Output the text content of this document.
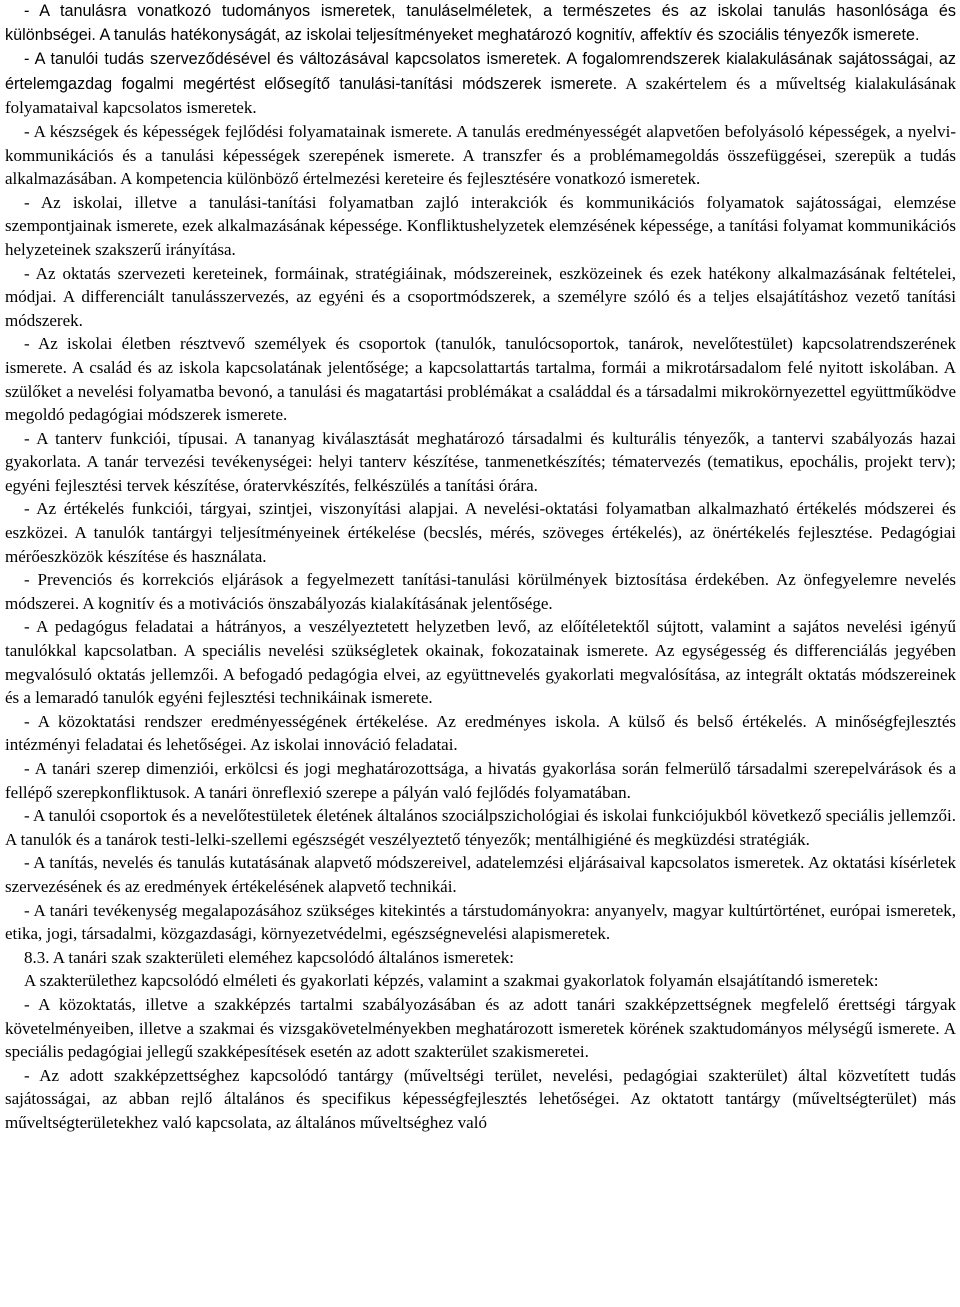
- A tanulásra vonatkozó tudományos ismeretek, tanuláselméletek, a természetes és az iskolai tanulás hasonlósága és különbségei. A tanulás hatékonyságát, az iskolai teljesítményeket meghatározó kognitív, affektív és szociális tényezők ismerete.

- A tanulói tudás szerveződésével és változásával kapcsolatos ismeretek. A fogalomrendszerek kialakulásának sajátosságai, az értelemgazdag fogalmi megértést elősegítő tanulási-tanítási módszerek ismerete. A szakértelem és a műveltség kialakulásának folyamataival kapcsolatos ismeretek.

- A készségek és képességek fejlődési folyamatainak ismerete. A tanulás eredményességét alapvetően befolyásoló képességek, a nyelvi-kommunikációs és a tanulási képességek szerepének ismerete. A transzfer és a problémamegoldás összefüggései, szerepük a tudás alkalmazásában. A kompetencia különböző értelmezési kereteire és fejlesztésére vonatkozó ismeretek.

- Az iskolai, illetve a tanulási-tanítási folyamatban zajló interakciók és kommunikációs folyamatok sajátosságai, elemzése szempontjainak ismerete, ezek alkalmazásának képessége. Konfliktushelyzetek elemzésének képessége, a tanítási folyamat kommunikációs helyzeteinek szakszerű irányítása.

- Az oktatás szervezeti kereteinek, formáinak, stratégiáinak, módszereinek, eszközeinek és ezek hatékony alkalmazásának feltételei, módjai. A differenciált tanulásszervezés, az egyéni és a csoportmódszerek, a személyre szóló és a teljes elsajátításhoz vezető tanítási módszerek.

- Az iskolai életben résztvevő személyek és csoportok (tanulók, tanulócsoportok, tanárok, nevelőtestület) kapcsolatrendszerének ismerete. A család és az iskola kapcsolatának jelentősége; a kapcsolattartás tartalma, formái a mikrotársadalom felé nyitott iskolában. A szülőket a nevelési folyamatba bevonó, a tanulási és magatartási problémákat a családdal és a társadalmi mikrokörnyezettel együttműködve megoldó pedagógiai módszerek ismerete.

- A tanterv funkciói, típusai. A tananyag kiválasztását meghatározó társadalmi és kulturális tényezők, a tantervi szabályozás hazai gyakorlata. A tanár tervezési tevékenységei: helyi tanterv készítése, tanmenetkészítés; tématervezés (tematikus, epochális, projekt terv); egyéni fejlesztési tervek készítése, óratervkészítés, felkészülés a tanítási órára.

- Az értékelés funkciói, tárgyai, szintjei, viszonyítási alapjai. A nevelési-oktatási folyamatban alkalmazható értékelés módszerei és eszközei. A tanulók tantárgyi teljesítményeinek értékelése (becslés, mérés, szöveges értékelés), az önértékelés fejlesztése. Pedagógiai mérőeszközök készítése és használata.

- Prevenciós és korrekciós eljárások a fegyelmezett tanítási-tanulási körülmények biztosítása érdekében. Az önfegyelemre nevelés módszerei. A kognitív és a motivációs önszabályozás kialakításának jelentősége.

- A pedagógus feladatai a hátrányos, a veszélyeztetett helyzetben levő, az előítéletektől sújtott, valamint a sajátos nevelési igényű tanulókkal kapcsolatban. A speciális nevelési szükségletek okainak, fokozatainak ismerete. Az egységesség és differenciálás jegyében megvalósuló oktatás jellemzői. A befogadó pedagógia elvei, az együttnevelés gyakorlati megvalósítása, az integrált oktatás módszereinek és a lemaradó tanulók egyéni fejlesztési technikáinak ismerete.

- A közoktatási rendszer eredményességének értékelése. Az eredményes iskola. A külső és belső értékelés. A minőségfejlesztés intézményi feladatai és lehetőségei. Az iskolai innováció feladatai.

- A tanári szerep dimenziói, erkölcsi és jogi meghatározottsága, a hivatás gyakorlása során felmerülő társadalmi szerepelvárások és a fellépő szerepkonfliktusok. A tanári önreflexió szerepe a pályán való fejlődés folyamatában.

- A tanulói csoportok és a nevelőtestületek életének általános szociálpszichológiai és iskolai funkciójukból következő speciális jellemzői. A tanulók és a tanárok testi-lelki-szellemi egészségét veszélyeztető tényezők; mentálhigiéné és megküzdési stratégiák.

- A tanítás, nevelés és tanulás kutatásának alapvető módszereivel, adatelemzési eljárásaival kapcsolatos ismeretek. Az oktatási kísérletek szervezésének és az eredmények értékelésének alapvető technikái.

- A tanári tevékenység megalapozásához szükséges kitekintés a társtudományokra: anyanyelv, magyar kultúrtörténet, európai ismeretek, etika, jogi, társadalmi, közgazdasági, környezetvédelmi, egészségnevelési alapismeretek.

8.3. A tanári szak szakterületi eleméhez kapcsolódó általános ismeretek:

A szakterülethez kapcsolódó elméleti és gyakorlati képzés, valamint a szakmai gyakorlatok folyamán elsajátítandó ismeretek:

- A közoktatás, illetve a szakképzés tartalmi szabályozásában és az adott tanári szakképzettségnek megfelelő érettségi tárgyak követelményeiben, illetve a szakmai és vizsgakövetelményekben meghatározott ismeretek körének szaktudományos mélységű ismerete. A speciális pedagógiai jellegű szakképesítések esetén az adott szakterület szakismeretei.

- Az adott szakképzettséghez kapcsolódó tantárgy (műveltségi terület, nevelési, pedagógiai szakterület) által közvetített tudás sajátosságai, az abban rejlő általános és specifikus képességfejlesztés lehetőségei. Az oktatott tantárgy (műveltségterület) más műveltségterületekhez való kapcsolata, az általános műveltséghez való
